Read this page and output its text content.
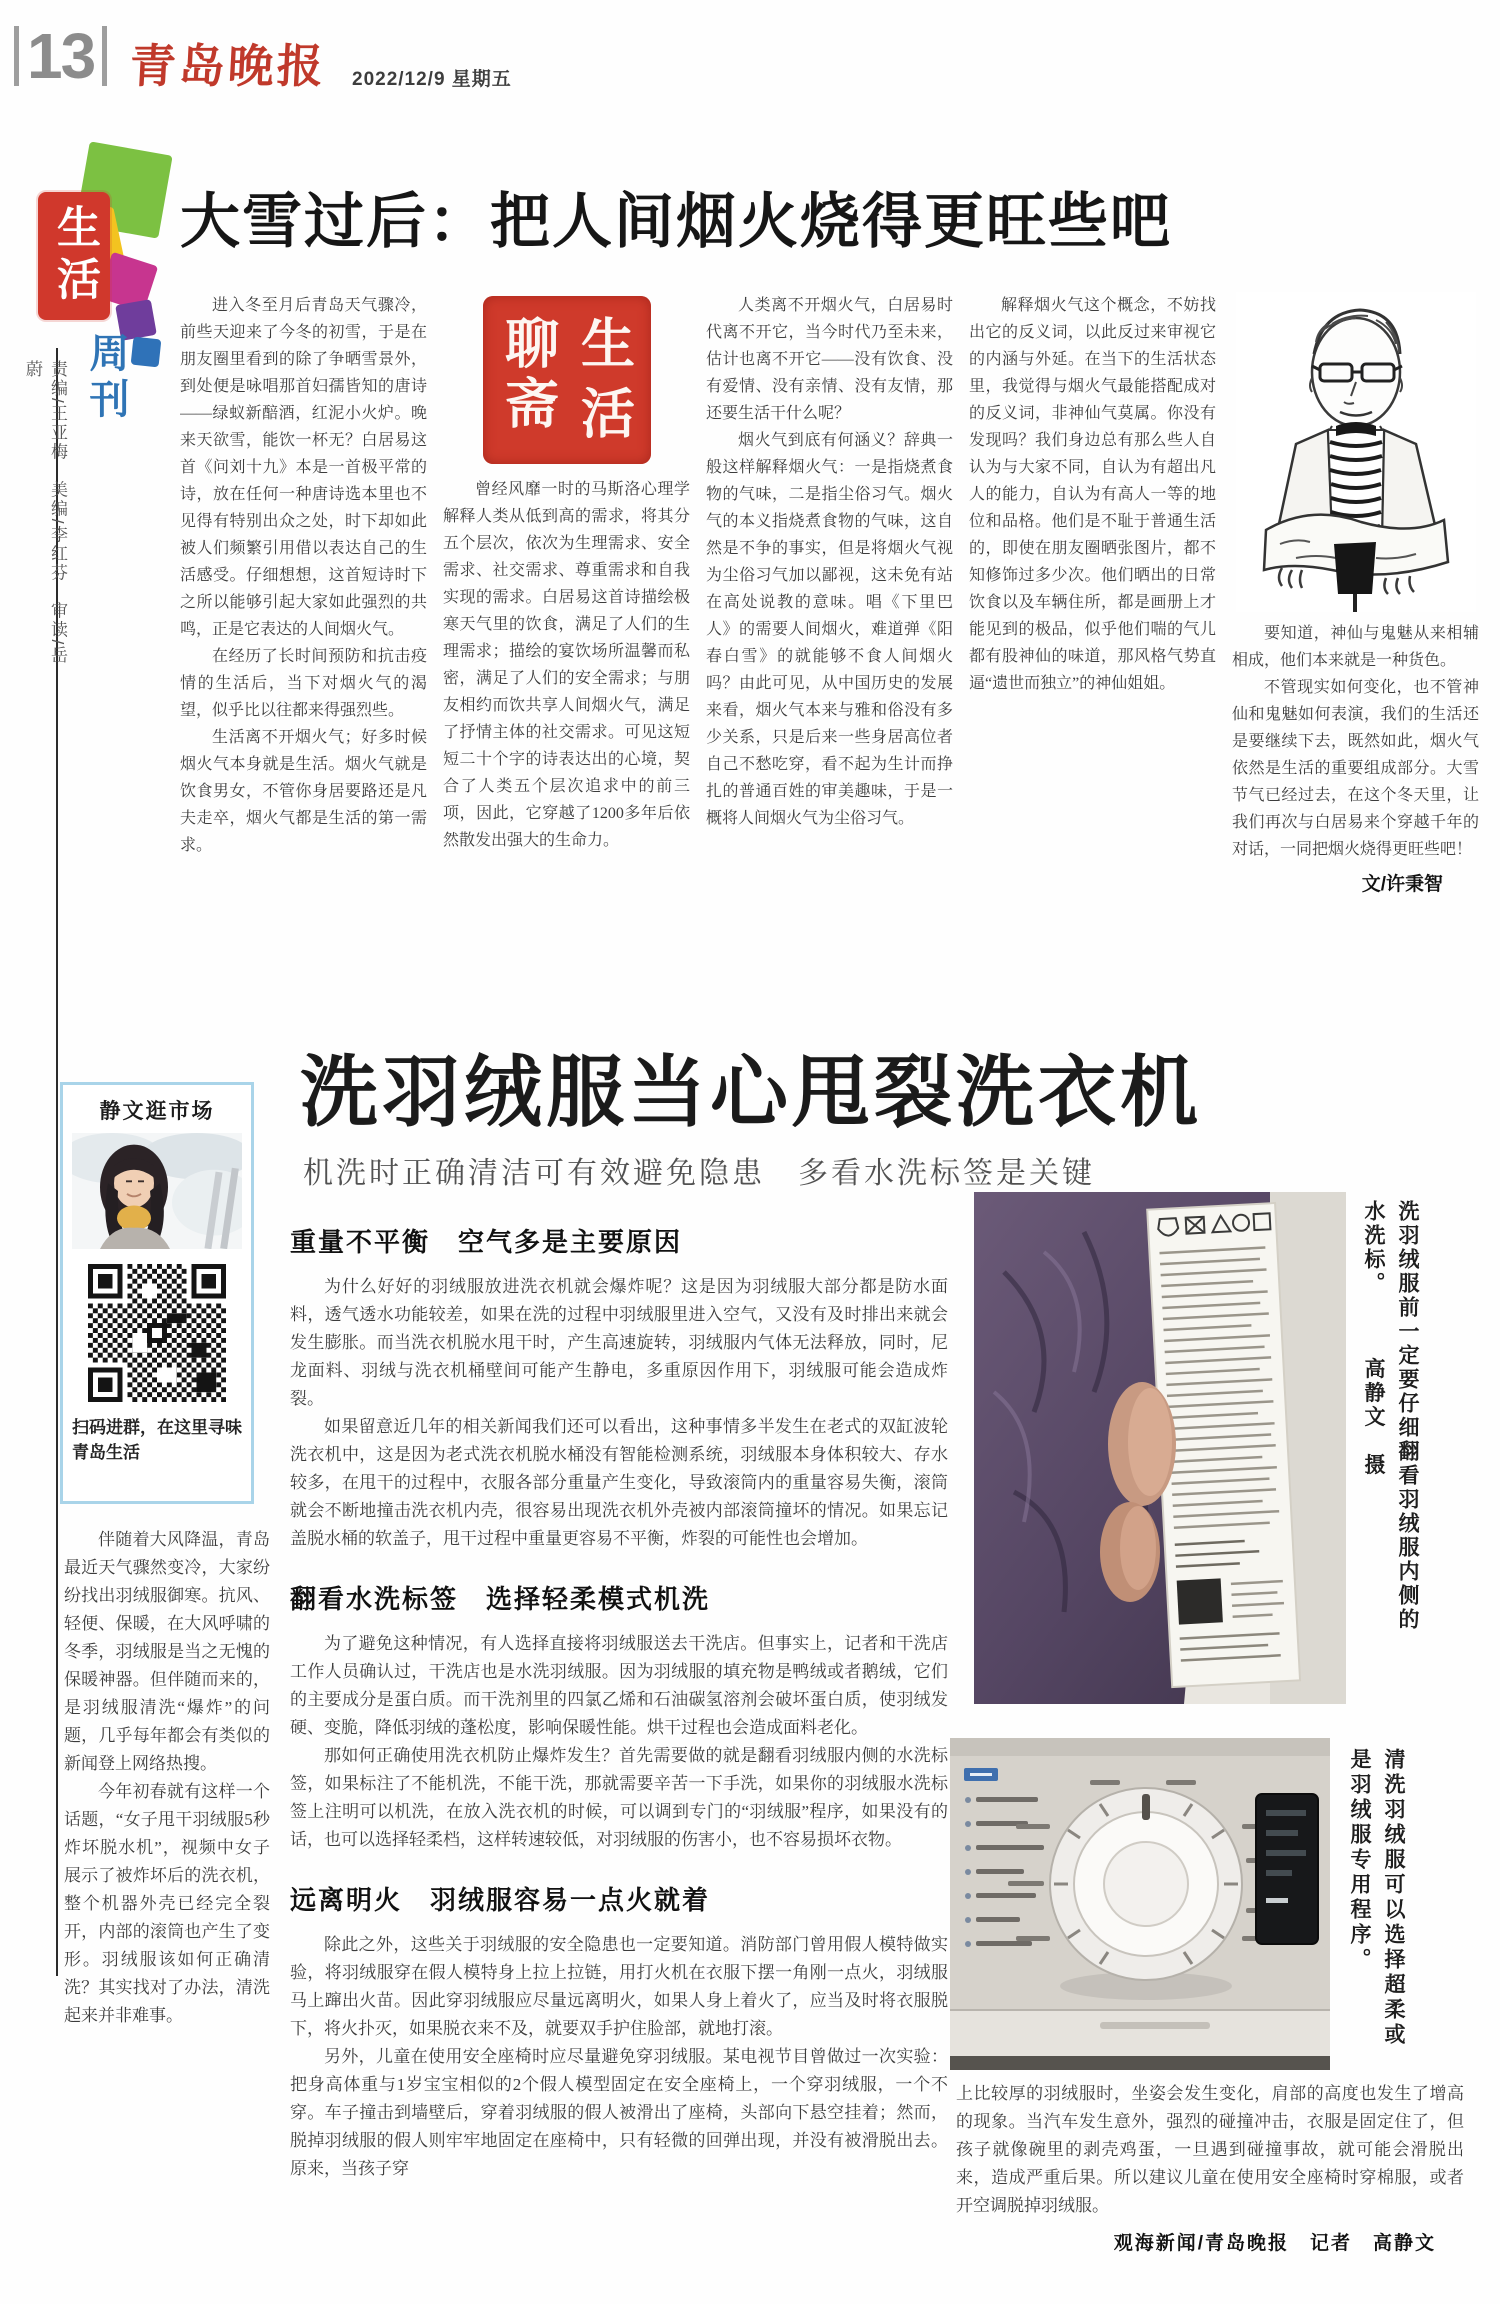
13 青岛晚报 2022/12/9 星期五
生活
周刊
责编/王亚梅　美编/李红芬　审读/岳蔚
大雪过后：把人间烟火烧得更旺些吧

进入冬至月后青岛天气骤冷，前些天迎来了今冬的初雪，于是在朋友圈里看到的除了争晒雪景外，到处便是咏唱那首妇孺皆知的唐诗——绿蚁新醅酒，红泥小火炉。晚来天欲雪，能饮一杯无？白居易这首《问刘十九》本是一首极平常的诗，放在任何一种唐诗选本里也不见得有特别出众之处，时下却如此被人们频繁引用借以表达自己的生活感受。仔细想想，这首短诗时下之所以能够引起大家如此强烈的共鸣，正是它表达的人间烟火气。

在经历了长时间预防和抗击疫情的生活后，当下对烟火气的渴望，似乎比以往都来得强烈些。

生活离不开烟火气；好多时候烟火气本身就是生活。烟火气就是饮食男女，不管你身居要路还是凡夫走卒，烟火气都是生活的第一需求。

生活聊斋

曾经风靡一时的马斯洛心理学解释人类从低到高的需求，将其分五个层次，依次为生理需求、安全需求、社交需求、尊重需求和自我实现的需求。白居易这首诗描绘极寒天气里的饮食，满足了人们的生理需求；描绘的宴饮场所温馨而私密，满足了人们的安全需求；与朋友相约而饮共享人间烟火气，满足了抒情主体的社交需求。可见这短短二十个字的诗表达出的心境，契合了人类五个层次追求中的前三项，因此，它穿越了1200多年后依然散发出强大的生命力。

人类离不开烟火气，白居易时代离不开它，当今时代乃至未来，估计也离不开它——没有饮食、没有爱情、没有亲情、没有友情，那还要生活干什么呢？

烟火气到底有何涵义？辞典一般这样解释烟火气：一是指烧煮食物的气味，二是指尘俗习气。烟火气的本义指烧煮食物的气味，这自然是不争的事实，但是将烟火气视为尘俗习气加以鄙视，这未免有站在高处说教的意味。唱《下里巴人》的需要人间烟火，难道弹《阳春白雪》的就能够不食人间烟火吗？由此可见，从中国历史的发展来看，烟火气本来与雅和俗没有多少关系，只是后来一些身居高位者自己不愁吃穿，看不起为生计而挣扎的普通百姓的审美趣味，于是一概将人间烟火气为尘俗习气。

解释烟火气这个概念，不妨找出它的反义词，以此反过来审视它的内涵与外延。在当下的生活状态里，我觉得与烟火气最能搭配成对的反义词，非神仙气莫属。你没有发现吗？我们身边总有那么些人自认为与大家不同，自认为有超出凡人的能力，自认为有高人一等的地位和品格。他们是不耻于普通生活的，即使在朋友圈晒张图片，都不知修饰过多少次。他们晒出的日常饮食以及车辆住所，都是画册上才能见到的极品，似乎他们喘的气儿都有股神仙的味道，那风格气势直逼“遗世而独立”的神仙姐姐。

要知道，神仙与鬼魅从来相辅相成，他们本来就是一种货色。

不管现实如何变化，也不管神仙和鬼魅如何表演，我们的生活还是要继续下去，既然如此，烟火气依然是生活的重要组成部分。大雪节气已经过去，在这个冬天里，让我们再次与白居易来个穿越千年的对话，一同把烟火烧得更旺些吧！

文/许秉智
洗羽绒服当心甩裂洗衣机
机洗时正确清洁可有效避免隐患　多看水洗标签是关键
静文逛市场
扫码进群，在这里寻味青岛生活

伴随着大风降温，青岛最近天气骤然变冷，大家纷纷找出羽绒服御寒。抗风、轻便、保暖，在大风呼啸的冬季，羽绒服是当之无愧的保暖神器。但伴随而来的，是羽绒服清洗“爆炸”的问题，几乎每年都会有类似的新闻登上网络热搜。

今年初春就有这样一个话题，“女子甩干羽绒服5秒炸坏脱水机”，视频中女子展示了被炸坏后的洗衣机，整个机器外壳已经完全裂开，内部的滚筒也产生了变形。羽绒服该如何正确清洗？其实找对了办法，清洗起来并非难事。

重量不平衡　空气多是主要原因

为什么好好的羽绒服放进洗衣机就会爆炸呢？这是因为羽绒服大部分都是防水面料，透气透水功能较差，如果在洗的过程中羽绒服里进入空气，又没有及时排出来就会发生膨胀。而当洗衣机脱水甩干时，产生高速旋转，羽绒服内气体无法释放，同时，尼龙面料、羽绒与洗衣机桶壁间可能产生静电，多重原因作用下，羽绒服可能会造成炸裂。

如果留意近几年的相关新闻我们还可以看出，这种事情多半发生在老式的双缸波轮洗衣机中，这是因为老式洗衣机脱水桶没有智能检测系统，羽绒服本身体积较大、存水较多，在甩干的过程中，衣服各部分重量产生变化，导致滚筒内的重量容易失衡，滚筒就会不断地撞击洗衣机内壳，很容易出现洗衣机外壳被内部滚筒撞坏的情况。如果忘记盖脱水桶的软盖子，甩干过程中重量更容易不平衡，炸裂的可能性也会增加。

翻看水洗标签　选择轻柔模式机洗

为了避免这种情况，有人选择直接将羽绒服送去干洗店。但事实上，记者和干洗店工作人员确认过，干洗店也是水洗羽绒服。因为羽绒服的填充物是鸭绒或者鹅绒，它们的主要成分是蛋白质。而干洗剂里的四氯乙烯和石油碳氢溶剂会破坏蛋白质，使羽绒发硬、变脆，降低羽绒的蓬松度，影响保暖性能。烘干过程也会造成面料老化。

那如何正确使用洗衣机防止爆炸发生？首先需要做的就是翻看羽绒服内侧的水洗标签，如果标注了不能机洗，不能干洗，那就需要辛苦一下手洗，如果你的羽绒服水洗标签上注明可以机洗，在放入洗衣机的时候，可以调到专门的“羽绒服”程序，如果没有的话，也可以选择轻柔档，这样转速较低，对羽绒服的伤害小，也不容易损坏衣物。

远离明火　羽绒服容易一点火就着

除此之外，这些关于羽绒服的安全隐患也一定要知道。消防部门曾用假人模特做实验，将羽绒服穿在假人模特身上拉上拉链，用打火机在衣服下摆一角刚一点火，羽绒服马上蹿出火苗。因此穿羽绒服应尽量远离明火，如果人身上着火了，应当及时将衣服脱下，将火扑灭，如果脱衣来不及，就要双手护住脸部，就地打滚。

另外，儿童在使用安全座椅时应尽量避免穿羽绒服。某电视节目曾做过一次实验：把身高体重与1岁宝宝相似的2个假人模型固定在安全座椅上，一个穿羽绒服，一个不穿。车子撞击到墙壁后，穿着羽绒服的假人被滑出了座椅，头部向下悬空挂着；然而，脱掉羽绒服的假人则牢牢地固定在座椅中，只有轻微的回弹出现，并没有被滑脱出去。原来，当孩子穿

洗羽绒服前一定要仔细翻看羽绒服内侧的水洗标。　　　高静文　摄
清洗羽绒服可以选择超柔或是羽绒服专用程序。
上比较厚的羽绒服时，坐姿会发生变化，肩部的高度也发生了增高的现象。当汽车发生意外，强烈的碰撞冲击，衣服是固定住了，但孩子就像碗里的剥壳鸡蛋，一旦遇到碰撞事故，就可能会滑脱出来，造成严重后果。所以建议儿童在使用安全座椅时穿棉服，或者开空调脱掉羽绒服。
观海新闻/青岛晚报　记者　高静文
